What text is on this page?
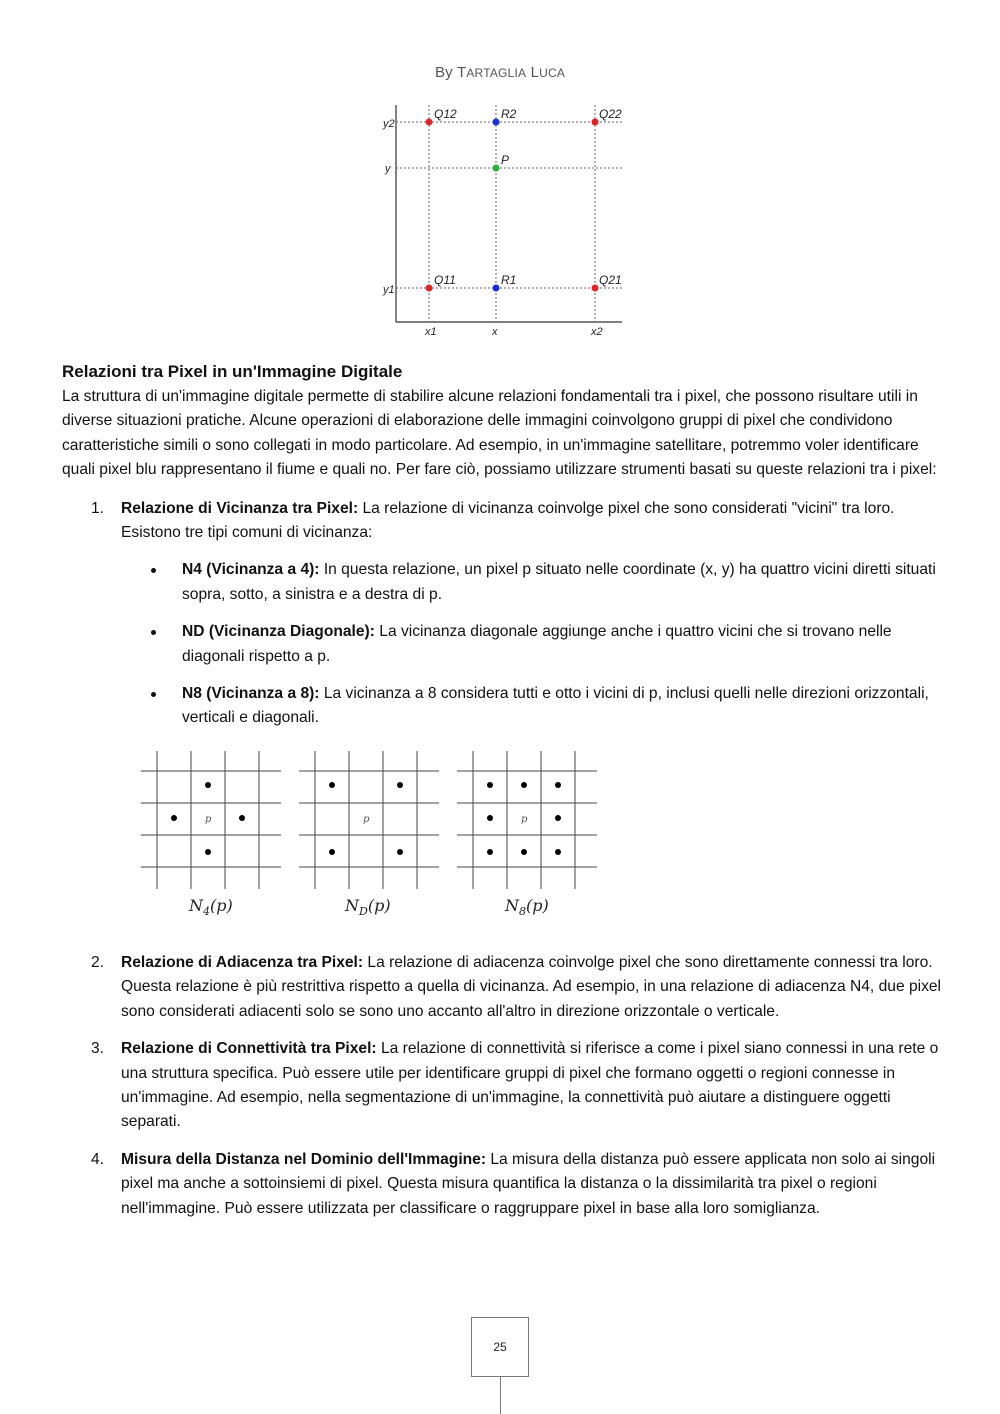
By TARTAGLIA LUCA
Q12	R2	Q22
P
Q11	R1	Q21
y2
y
y1
x1	x	x2
Relazioni tra Pixel in un'Immagine Digitale

La struttura di un'immagine digitale permette di stabilire alcune relazioni fondamentali tra i pixel, che possono risultare utili in diverse situazioni pratiche. Alcune operazioni di elaborazione delle immagini coinvolgono gruppi di pixel che condividono caratteristiche simili o sono collegati in modo particolare. Ad esempio, in un'immagine satellitare, potremmo voler identificare quali pixel blu rappresentano il fiume e quali no. Per fare ciò, possiamo utilizzare strumenti basati su queste relazioni tra i pixel:

1. Relazione di Vicinanza tra Pixel: La relazione di vicinanza coinvolge pixel che sono considerati "vicini" tra loro. Esistono tre tipi comuni di vicinanza:
N4 (Vicinanza a 4): In questa relazione, un pixel p situato nelle coordinate (x, y) ha quattro vicini diretti situati sopra, sotto, a sinistra e a destra di p.
ND (Vicinanza Diagonale): La vicinanza diagonale aggiunge anche i quattro vicini che si trovano nelle diagonali rispetto a p.
N8 (Vicinanza a 8): La vicinanza a 8 considera tutti e otto i vicini di p, inclusi quelli nelle direzioni orizzontali, verticali e diagonali.
p
$N_4(p)$
p
$N_D(p)$
p
$N_8(p)$
2. Relazione di Adiacenza tra Pixel: La relazione di adiacenza coinvolge pixel che sono direttamente connessi tra loro. Questa relazione è più restrittiva rispetto a quella di vicinanza. Ad esempio, in una relazione di adiacenza N4, due pixel sono considerati adiacenti solo se sono uno accanto all'altro in direzione orizzontale o verticale.
3. Relazione di Connettività tra Pixel: La relazione di connettività si riferisce a come i pixel siano connessi in una rete o una struttura specifica. Può essere utile per identificare gruppi di pixel che formano oggetti o regioni connesse in un'immagine. Ad esempio, nella segmentazione di un'immagine, la connettività può aiutare a distinguere oggetti separati.
4. Misura della Distanza nel Dominio dell'Immagine: La misura della distanza può essere applicata non solo ai singoli pixel ma anche a sottoinsiemi di pixel. Questa misura quantifica la distanza o la dissimilarità tra pixel o regioni nell'immagine. Può essere utilizzata per classificare o raggruppare pixel in base alla loro somiglianza.
25
